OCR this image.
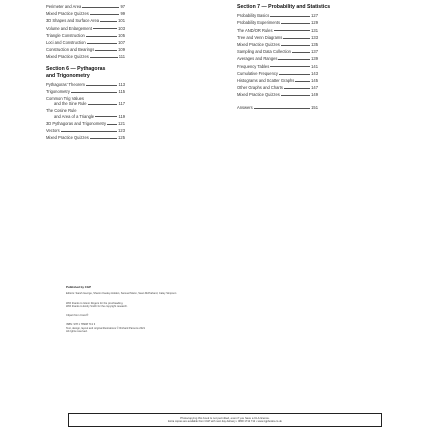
Perimeter and Area	97
Mixed Practice Quizzes	99
3D Shapes and Surface Area	101
Volume and Enlargement	103
Triangle Construction	105
Loci and Construction	107
Construction and Bearings	109
Mixed Practice Quizzes	111
Section 6 — Pythagoras and Trigonometry
Pythagoras' Theorem	113
Trigonometry	115
Common Trig Values
and the Sine Rule	117
The Cosine Rule
and Area of a Triangle	119
3D Pythagoras and Trigonometry	121
Vectors	123
Mixed Practice Quizzes	125
Section 7 — Probability and Statistics
Probability Basics	127
Probability Experiments	129
The AND/OR Rules	131
Tree and Venn Diagrams	133
Mixed Practice Quizzes	135
Sampling and Data Collection	137
Averages and Ranges	139
Frequency Tables	141
Cumulative Frequency	143
Histograms and Scatter Graphs	145
Other Graphs and Charts	147
Mixed Practice Quizzes	149
Answers	151
Published by CGP
Editors: Sarah George, Sharon Keeley-Holden, Samuel Mann, Sean McParland, Caley Simpson
With thanks to Glenn Rogers for the proofreading.
With thanks to Emily Smith for the copyright research.
Clipart from Corel®
ISBN: 978 1 78908 713 3
Text, design, layout and original illustrations © Richard Parsons 2021
All rights reserved.
Photocopying this book is not permitted, even if you have a CLA licence.
Extra copies are available from CGP with next day delivery • 0800 1712 712 • www.cgpbooks.co.uk
